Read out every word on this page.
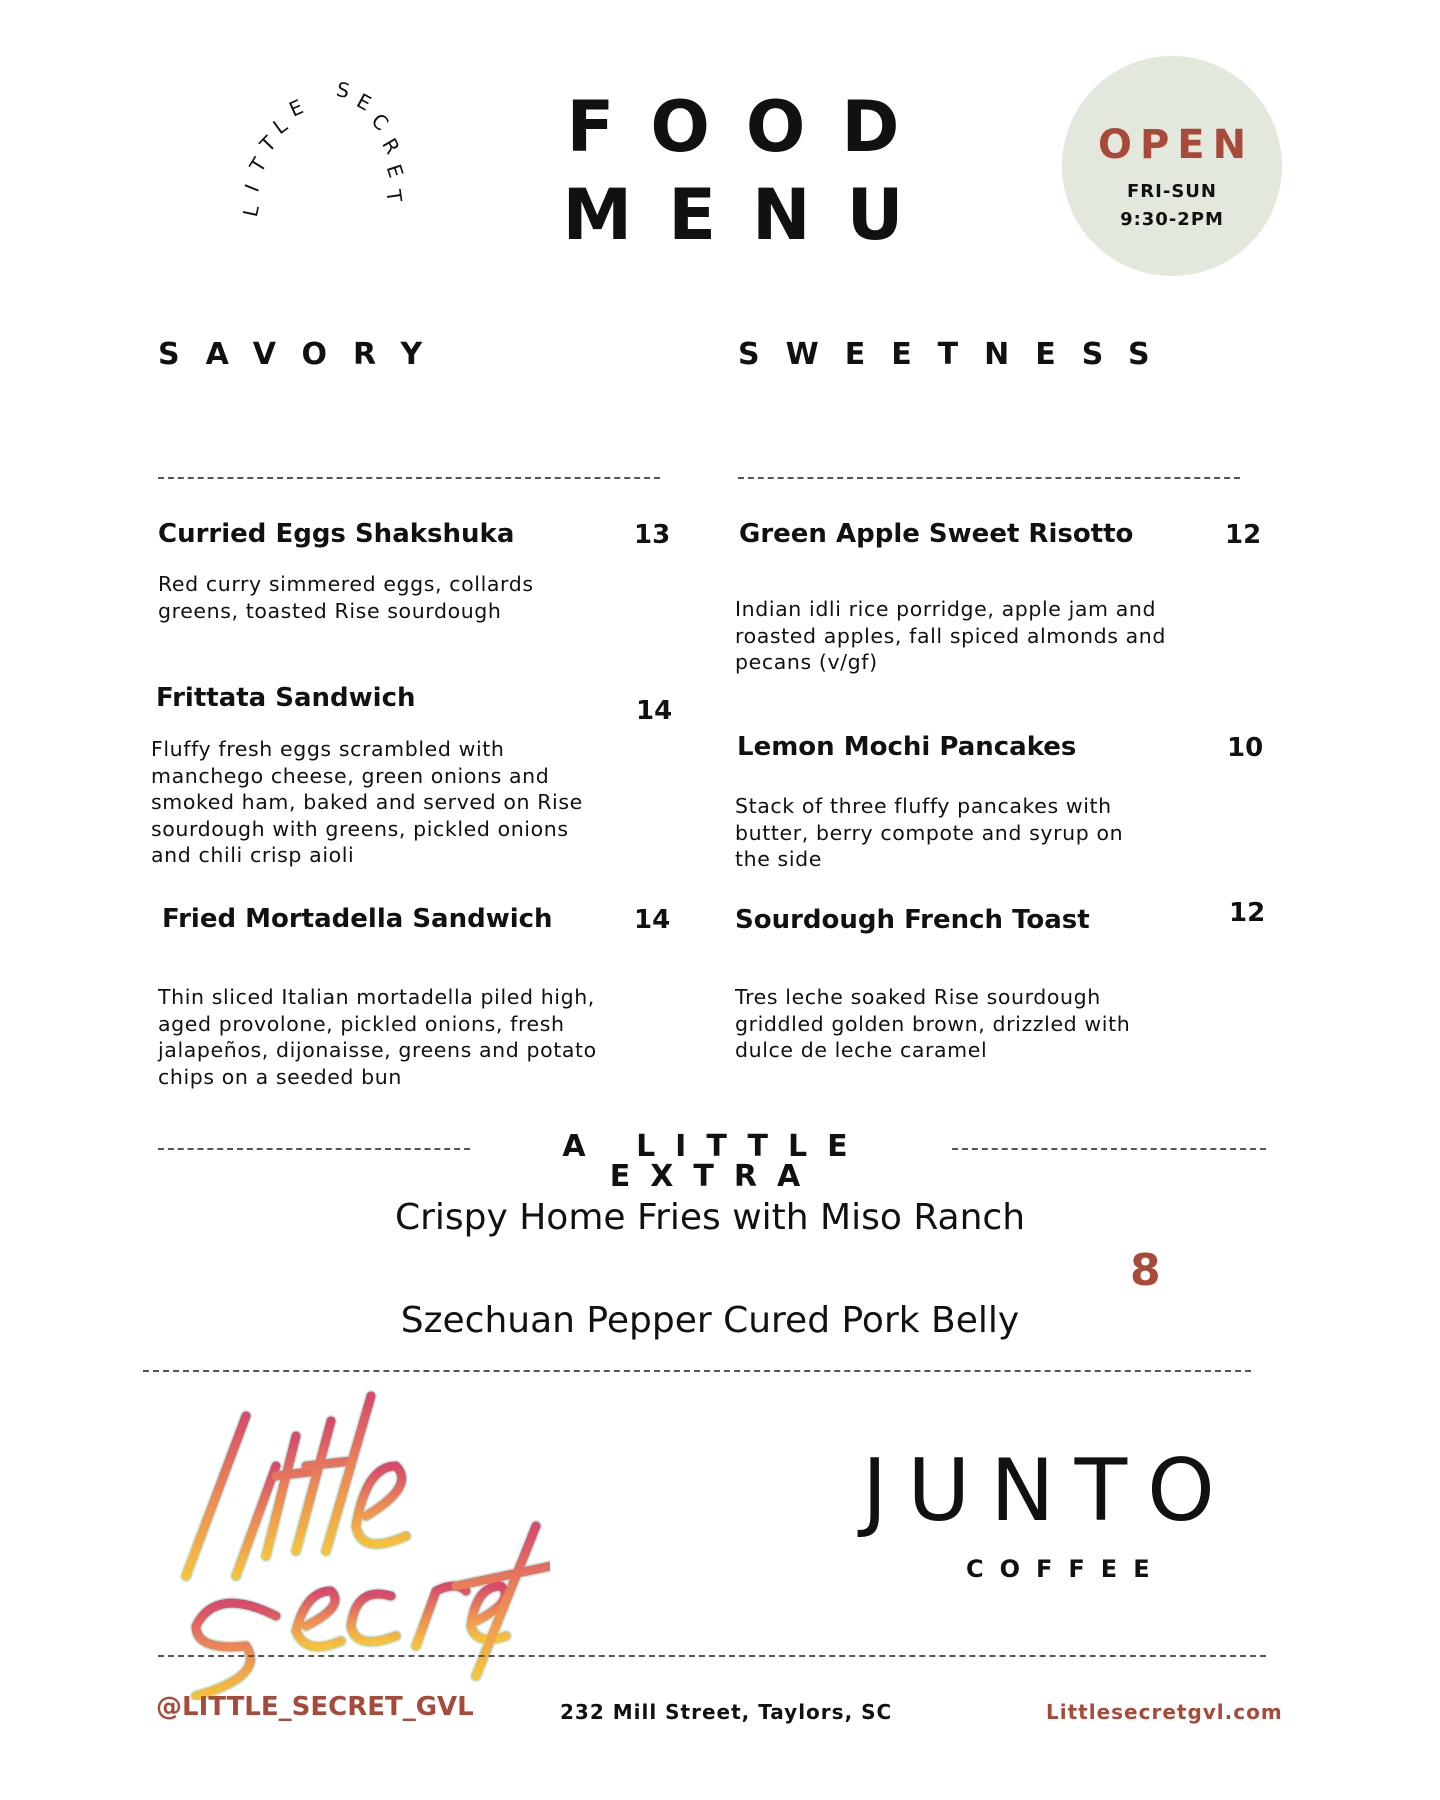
L
I
T
T
L
E
S E
C
R
E
T
FOOD
MENU
OPEN
FRI-SUN
9:30-2PM
SAVORY	SWEETNESS
Curried Eggs Shakshuka	13
Red curry simmered eggs, collards greens, toasted Rise sourdough
Frittata Sandwich	14
Fluffy fresh eggs scrambled with manchego cheese, green onions and smoked ham, baked and served on Rise sourdough with greens, pickled onions and chili crisp aioli
Fried Mortadella Sandwich	14
Thin sliced Italian mortadella piled high, aged provolone, pickled onions, fresh jalapeños, dijonaisse, greens and potato chips on a seeded bun
Green Apple Sweet Risotto	12
Indian idli rice porridge, apple jam and roasted apples, fall spiced almonds and pecans (v/gf)
Lemon Mochi Pancakes	10
Stack of three fluffy pancakes with butter, berry compote and syrup on the side
Sourdough French Toast	12
Tres leche soaked Rise sourdough griddled golden brown, drizzled with dulce de leche caramel
A LITTLE EXTRA
Crispy Home Fries with Miso Ranch
8
Szechuan Pepper Cured Pork Belly
JUNTO
COFFEE
@LITTLE_SECRET_GVL	232 Mill Street, Taylors, SC	Littlesecretgvl.com
